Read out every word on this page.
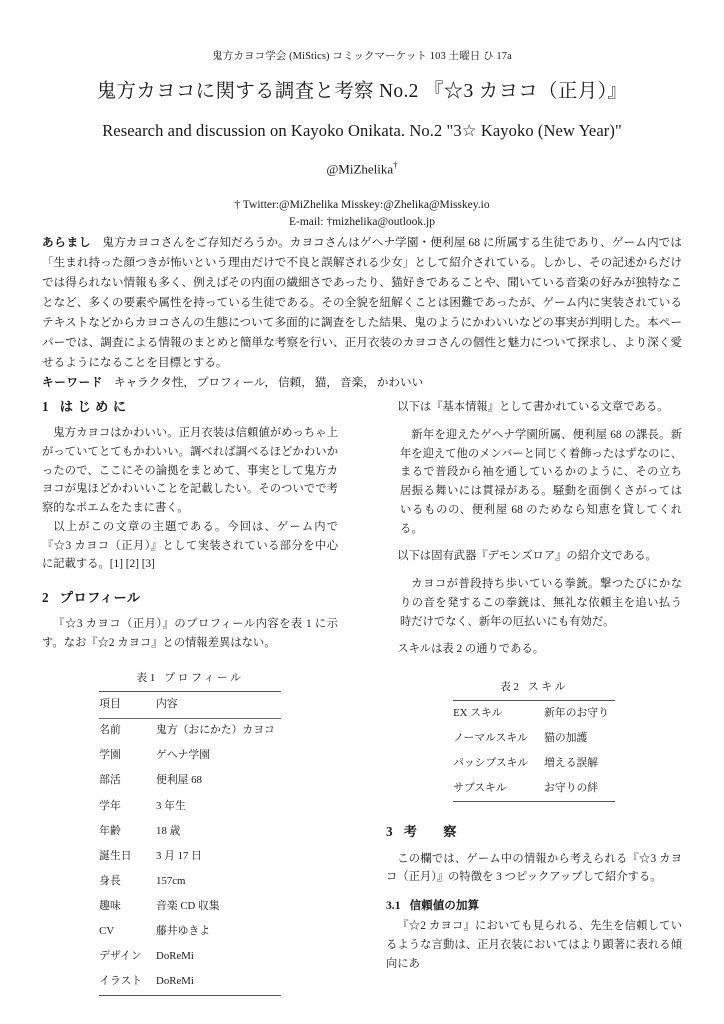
鬼方カヨコ学会 (MiStics) コミックマーケット 103 土曜日 ひ 17a
鬼方カヨコに関する調査と考察 No.2 『☆3 カヨコ（正月）』
Research and discussion on Kayoko Onikata. No.2 "3☆ Kayoko (New Year)"
@MiZhelika†
† Twitter:@MiZhelika Misskey:@Zhelika@Misskey.io
E-mail: †mizhelika@outlook.jp

あらまし 鬼方カヨコさんをご存知だろうか。カヨコさんはゲヘナ学園・便利屋 68 に所属する生徒であり、ゲーム内では「生まれ持った顔つきが怖いという理由だけで不良と誤解される少女」として紹介されている。しかし、その記述からだけでは得られない情報も多く、例えばその内面の繊細さであったり、猫好きであることや、聞いている音楽の好みが独特なことなど、多くの要素や属性を持っている生徒である。その全貌を紐解くことは困難であったが、ゲーム内に実装されているテキストなどからカヨコさんの生態について多面的に調査をした結果、鬼のようにかわいいなどの事実が判明した。本ペーパーでは、調査による情報のまとめと簡単な考察を行い、正月衣装のカヨコさんの個性と魅力について探求し、より深く愛せるようになることを目標とする。

キーワード キャラクタ性， プロフィール， 信頼， 猫， 音楽， かわいい

1 はじめに

鬼方カヨコはかわいい。正月衣装は信頼値がめっちゃ上がっていてとてもかわいい。調べれば調べるほどかわいかったので、ここにその論拠をまとめて、事実として鬼方カヨコが鬼ほどかわいいことを記載したい。そのついでで考察的なポエムをたまに書く。

以上がこの文章の主題である。今回は、ゲーム内で『☆3 カヨコ（正月）』として実装されている部分を中心に記載する。[1] [2] [3]

2 プロフィール

『☆3 カヨコ（正月）』のプロフィール内容を表 1 に示す。なお『☆2 カヨコ』との情報差異はない。

表 1 プロフィール
項目	内容
名前	鬼方（おにかた）カヨコ
学園	ゲヘナ学園
部活	便利屋 68
学年	3 年生
年齢	18 歳
誕生日	3 月 17 日
身長	157cm
趣味	音楽 CD 収集
CV	藤井ゆきよ
デザイン	DoReMi
イラスト	DoReMi

以下は『基本情報』として書かれている文章である。

新年を迎えたゲヘナ学園所属、便利屋 68 の課長。新年を迎えて他のメンバーと同じく着飾ったはずなのに、まるで普段から袖を通しているかのように、その立ち居振る舞いには貫禄がある。騒動を面倒くさがってはいるものの、便利屋 68 のためなら知恵を貸してくれる。

以下は固有武器『デモンズロア』の紹介文である。

カヨコが普段持ち歩いている拳銃。撃つたびにかなりの音を発するこの拳銃は、無礼な依頼主を追い払う時だけでなく、新年の厄払いにも有効だ。

スキルは表 2 の通りである。

表 2 スキル
EX スキル	新年のお守り
ノーマルスキル	猫の加護
パッシブスキル	増える誤解
サブスキル	お守りの絆
3 考 察

この欄では、ゲーム中の情報から考えられる『☆3 カヨコ（正月）』の特徴を 3 つピックアップして紹介する。

3.1 信頼値の加算

『☆2 カヨコ』においても見られる、先生を信頼しているような言動は、正月衣装においてはより顕著に表れる傾向にあ
